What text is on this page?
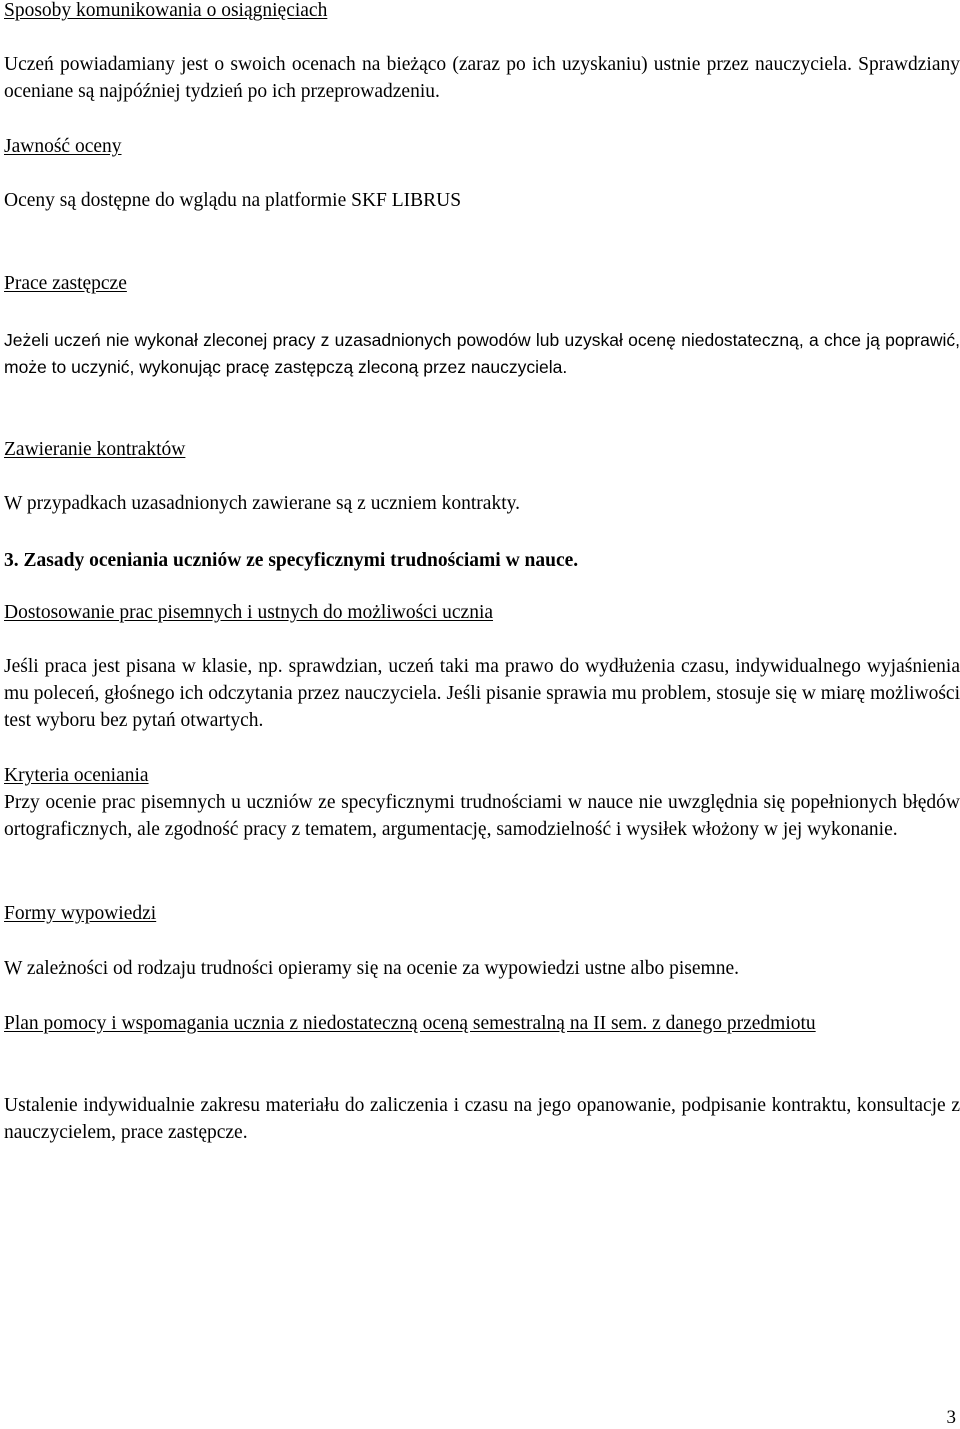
Sposoby komunikowania o osiągnięciach

Uczeń powiadamiany jest o swoich ocenach na bieżąco (zaraz po ich uzyskaniu) ustnie przez nauczyciela. Sprawdziany oceniane są najpóźniej tydzień po ich przeprowadzeniu.

Jawność oceny

Oceny są dostępne do wglądu na platformie SKF LIBRUS

Prace zastępcze

Jeżeli uczeń nie wykonał zleconej pracy z uzasadnionych powodów lub uzyskał ocenę niedostateczną, a chce ją poprawić, może to uczynić, wykonując pracę zastępczą zleconą przez nauczyciela.

Zawieranie kontraktów

W przypadkach uzasadnionych zawierane są z uczniem kontrakty.

3. Zasady oceniania uczniów ze specyficznymi trudnościami w nauce.

Dostosowanie prac pisemnych i ustnych do możliwości ucznia

Jeśli praca jest pisana w klasie, np. sprawdzian, uczeń taki ma prawo do wydłużenia czasu, indywidualnego wyjaśnienia mu poleceń, głośnego ich odczytania przez nauczyciela. Jeśli pisanie sprawia mu problem, stosuje się w miarę możliwości test wyboru bez pytań otwartych.

Kryteria oceniania

Przy ocenie prac pisemnych u uczniów ze specyficznymi trudnościami w nauce nie uwzględnia się popełnionych błędów ortograficznych, ale zgodność pracy z tematem, argumentację, samodzielność i wysiłek włożony w jej wykonanie.

Formy wypowiedzi

W zależności od rodzaju trudności opieramy się na ocenie za wypowiedzi ustne albo pisemne.

Plan pomocy i wspomagania ucznia z niedostateczną oceną semestralną na II sem. z danego przedmiotu

Ustalenie indywidualnie zakresu materiału do zaliczenia i czasu na jego opanowanie, podpisanie kontraktu, konsultacje z nauczycielem, prace zastępcze.

3
